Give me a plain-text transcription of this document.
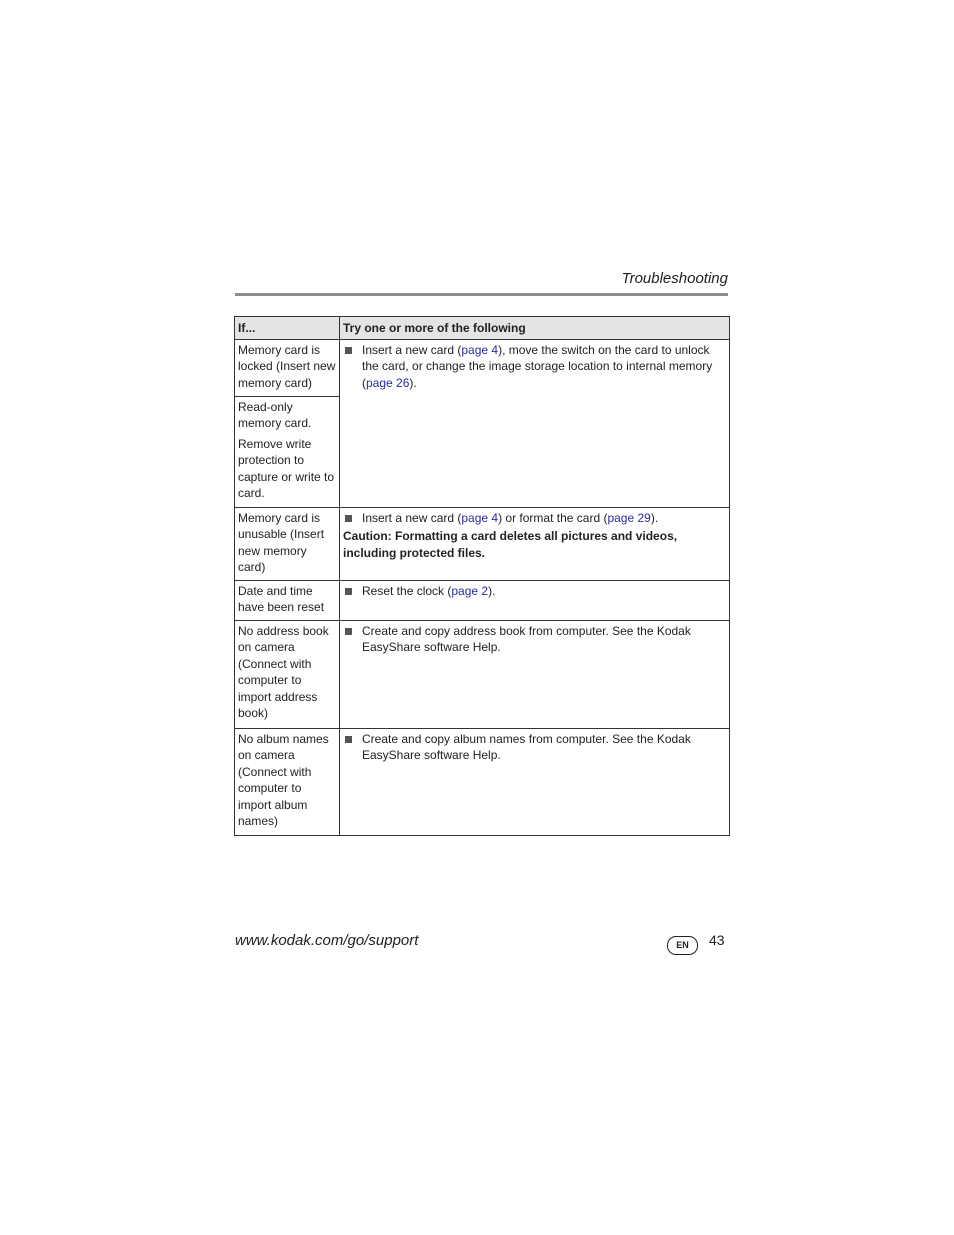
Troubleshooting
If...	Try one or more of the following

Memory card is locked (Insert new memory card)	Insert a new card (page 4), move the switch on the card to unlock the card, or change the image storage location to internal memory (page 26).

Read-only memory card.

Remove write protection to capture or write to card.	

Memory card is unusable (Insert new memory card)	Insert a new card (page 4) or format the card (page 29).

Caution: Formatting a card deletes all pictures and videos, including protected files.

Date and time have been reset	Reset the clock (page 2).

No address book on camera (Connect with computer to import address book)	Create and copy address book from computer. See the Kodak EasyShare software Help.

No album names on camera (Connect with computer to import album names)	Create and copy album names from computer. See the Kodak EasyShare software Help.

www.kodak.com/go/support	EN	43
